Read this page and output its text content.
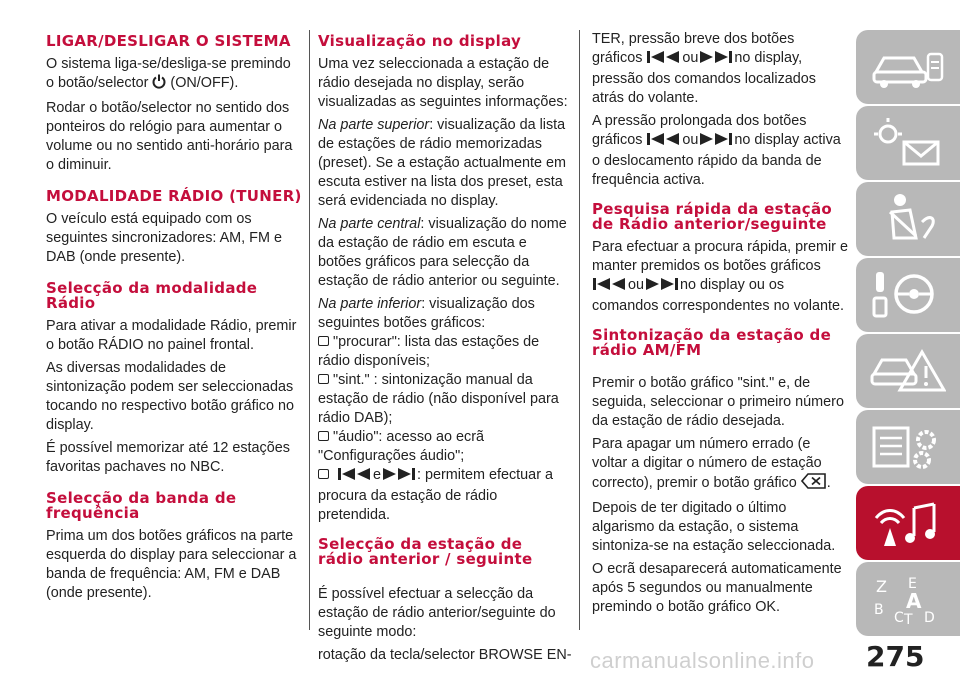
LIGAR/DESLIGAR O SISTEMA

O sistema liga-se/desliga-se premindo o botão/selector (ON/OFF).

Rodar o botão/selector no sentido dos ponteiros do relógio para aumentar o volume ou no sentido anti-horário para o diminuir.

MODALIDADE RÁDIO (TUNER)

O veículo está equipado com os seguintes sincronizadores: AM, FM e DAB (onde presente).

Selecção da modalidade Rádio

Para ativar a modalidade Rádio, premir o botão RÁDIO no painel frontal.

As diversas modalidades de sintonização podem ser seleccionadas tocando no respectivo botão gráfico no display.

É possível memorizar até 12 estações favoritas pachaves no NBC.

Selecção da banda de frequência

Prima um dos botões gráficos na parte esquerda do display para seleccionar a banda de frequência: AM, FM e DAB (onde presente).

Visualização no display

Uma vez seleccionada a estação de rádio desejada no display, serão visualizadas as seguintes informações:

Na parte superior: visualização da lista de estações de rádio memorizadas (preset). Se a estação actualmente em escuta estiver na lista dos preset, esta será evidenciada no display.

Na parte central: visualização do nome da estação de rádio em escuta e botões gráficos para selecção da estação de rádio anterior ou seguinte.

Na parte inferior: visualização dos seguintes botões gráficos:

"procurar": lista das estações de rádio disponíveis;

"sint." : sintonização manual da estação de rádio (não disponível para rádio DAB);

"áudio": acesso ao ecrã "Configurações áudio";

e	: permitem efectuar a procura da estação de rádio pretendida.

Selecção da estação de rádio anterior / seguinte

É possível efectuar a selecção da estação de rádio anterior/seguinte do seguinte modo:

rotação da tecla/selector BROWSE EN-

TER, pressão breve dos botões gráficos	ou	no display, pressão dos comandos localizados atrás do volante.

A pressão prolongada dos botões gráficos	ou	no display activa o deslocamento rápido da banda de frequência activa.

Pesquisa rápida da estação de Rádio anterior/seguinte

Para efectuar a procura rápida, premir e manter premidos os botões gráficos ou	no display ou os comandos correspondentes no volante.

Sintonização da estação de rádio AM/FM

Premir o botão gráfico "sint." e, de seguida, seleccionar o primeiro número da estação de rádio desejada.

Para apagar um número errado (e voltar a digitar o número de estação correcto), premir o botão gráfico .

Depois de ter digitado o último algarismo da estação, o sistema sintoniza-se na estação seleccionada.

O ecrã desaparecerá automaticamente após 5 segundos ou manualmente premindo o botão gráfico OK.

Z E
B C
A
D
T
275
carmanualsonline.info
